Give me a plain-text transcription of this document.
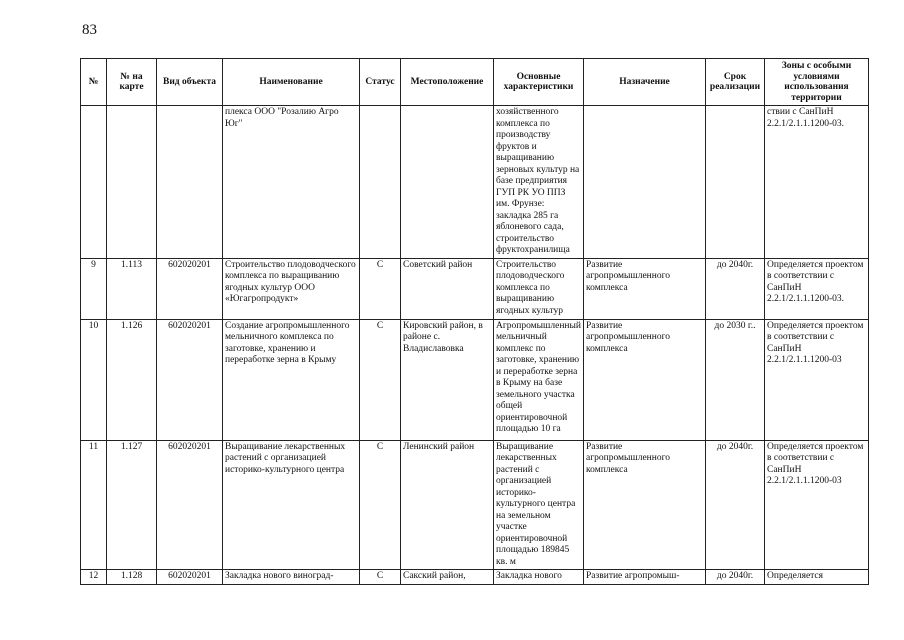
83
№	№ на карте	Вид объекта	Наименование	Статус	Местоположение	Основные характеристики	Назначение	Срок реализации	Зоны с особыми условиями использования территории
			плекса ООО "Розалию Агро Юг"			хозяйственного комплекса по производству фруктов и выращиванию зерновых культур на базе предприятия ГУП РК УО ППЗ им. Фрунзе: закладка 285 га яблоневого сада, строительство фруктохранилища			ствии с СанПиН 2.2.1/2.1.1.1200-03.
9	1.113	602020201	Строительство плодоводческого комплекса по выращиванию ягодных культур ООО «Югагропродукт»	С	Советский район	Строительство плодоводческого комплекса по выращиванию ягодных культур	Развитие агропромышленного комплекса	до 2040г.	Определяется проектом в соответствии с СанПиН 2.2.1/2.1.1.1200-03.
10	1.126	602020201	Создание агропромышленного мельничного комплекса по заготовке, хранению и переработке зерна в Крыму	С	Кировский район, в районе с. Владиславовка	Агропромышленный мельничный комплекс по заготовке, хранению и переработке зерна в Крыму на базе земельного участка общей ориентировочной площадью 10 га	Развитие агропромышленного комплекса	до 2030 г..	Определяется проектом в соответствии с СанПиН 2.2.1/2.1.1.1200-03
11	1.127	602020201	Выращивание лекарственных растений с организацией историко-культурного центра	С	Ленинский район	Выращивание лекарственных растений с организацией историко-культурного центра на земельном участке ориентировочной площадью 189845 кв. м	Развитие агропромышленного комплекса	до 2040г.	Определяется проектом в соответствии с СанПиН 2.2.1/2.1.1.1200-03
12	1.128	602020201	Закладка нового виноград-	С	Сакский район,	Закладка нового	Развитие агропромыш-	до 2040г.	Определяется
